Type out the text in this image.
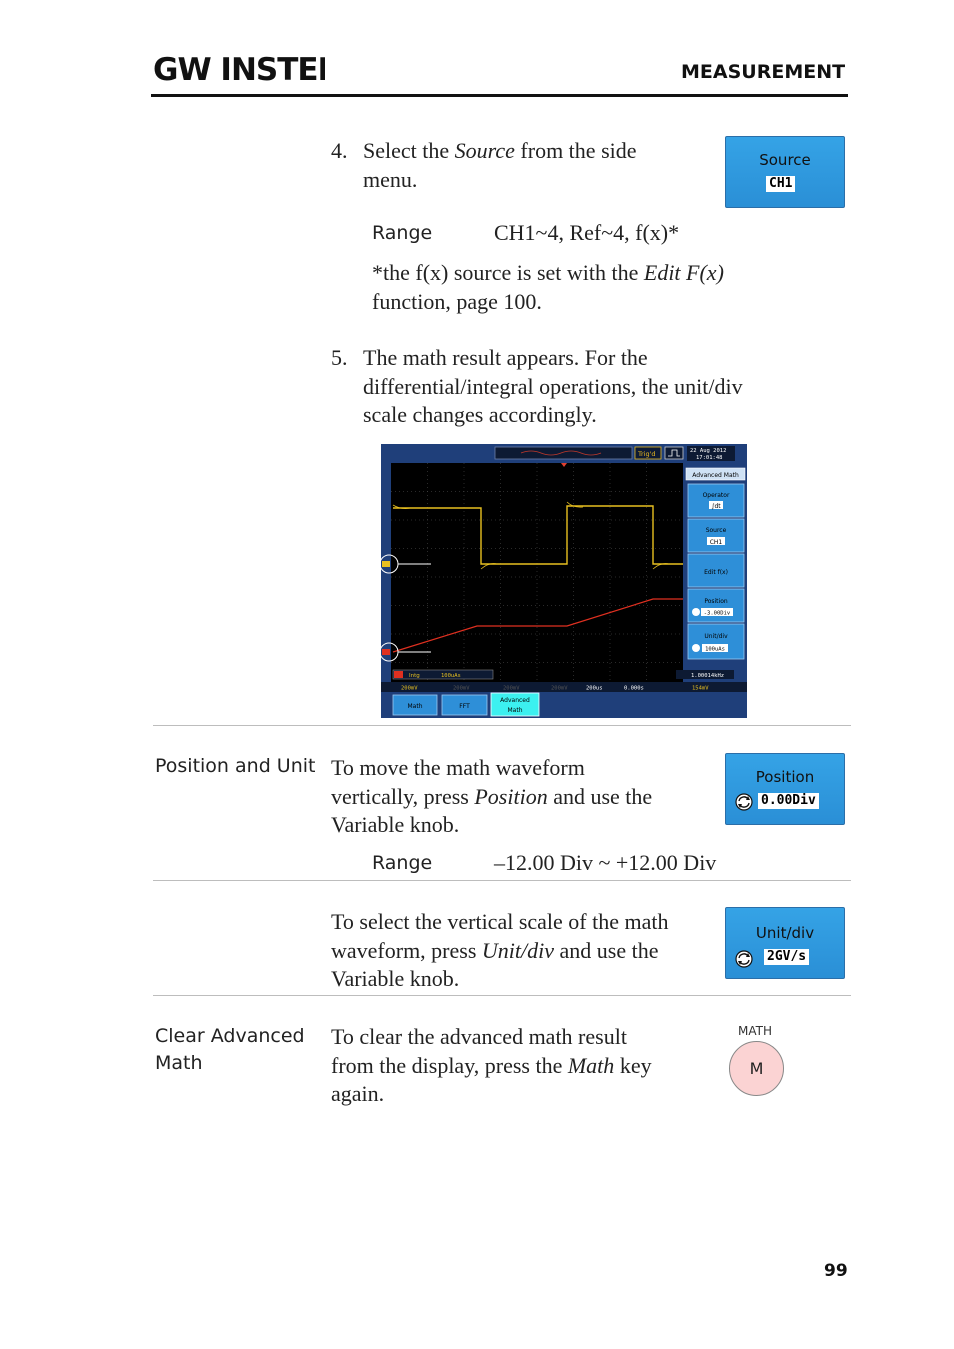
GW INSTEK	MEASUREMENT
4. Select the Source from the side
menu.
Source
CH1
Range	CH1~4, Ref~4, f(x)*
*the f(x) source is set with the Edit F(x)
function, page 100.
5. The math result appears. For the
differential/integral operations, the unit/div
scale changes accordingly.
Trig'd	22 Aug 2012
17:01:48
Advanced Math
Operator
∫dt
Source
CH1
Edit f(x)
Position
-3.00Div
Unit/div
100uAs
Intg	100uAs	1.00014kHz
200mV	200mV	200mV	200mV	200us	0.000s	154mV
Math	FFT
Advanced
Math
Position and Unit To move the math waveform
vertically, press Position and use the
Variable knob.
Position
0.00Div
Range	–12.00 Div ~ +12.00 Div
To select the vertical scale of the math
waveform, press Unit/div and use the
Variable knob.
Unit/div
2GV/s
Clear Advanced
Math
To clear the advanced math result
from the display, press the Math key
again.
MATH
M
99
